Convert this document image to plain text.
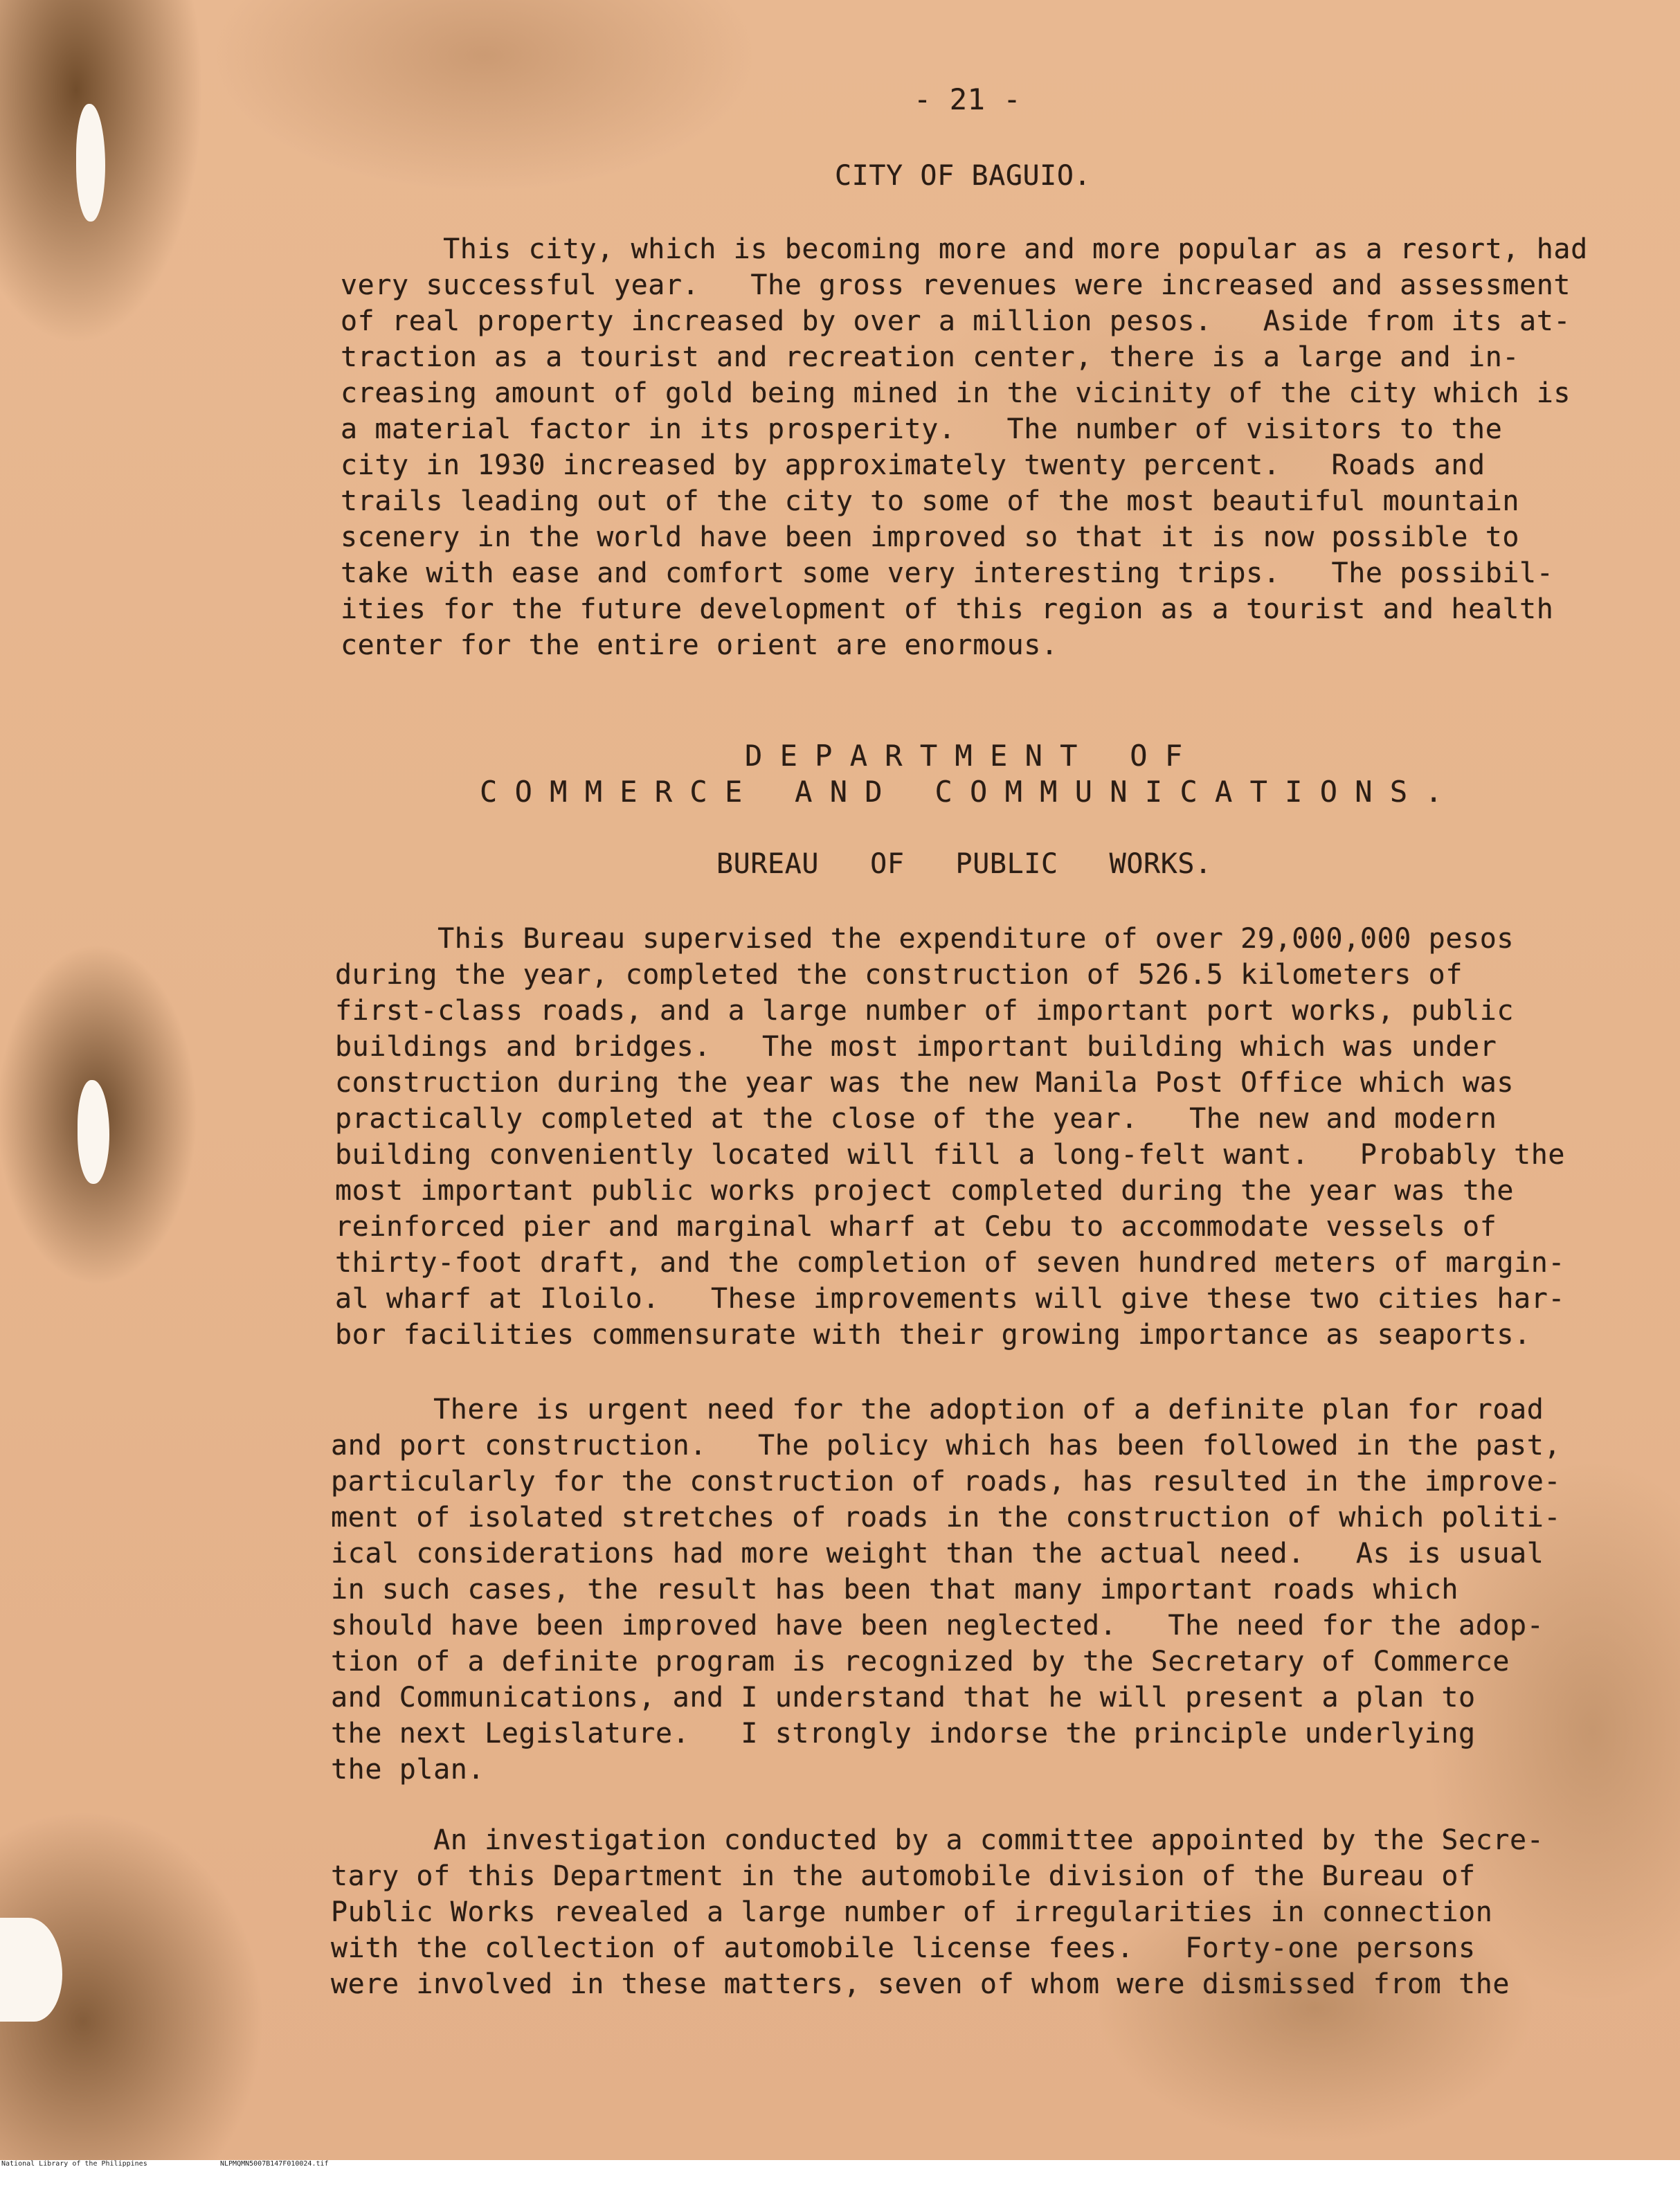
- 21 -
CITY OF BAGUIO.
This city, which is becoming more and more popular as a resort, had
very successful year.   The gross revenues were increased and assessment
of real property increased by over a million pesos.   Aside from its at-
traction as a tourist and recreation center, there is a large and in-
creasing amount of gold being mined in the vicinity of the city which is
a material factor in its prosperity.   The number of visitors to the
city in 1930 increased by approximately twenty percent.   Roads and
trails leading out of the city to some of the most beautiful mountain
scenery in the world have been improved so that it is now possible to
take with ease and comfort some very interesting trips.   The possibil-
ities for the future development of this region as a tourist and health
center for the entire orient are enormous.
D E P A R T M E N T   O F
C O M M E R C E   A N D   C O M M U N I C A T I O N S .
BUREAU   OF   PUBLIC   WORKS.
This Bureau supervised the expenditure of over 29,000,000 pesos
during the year, completed the construction of 526.5 kilometers of
first-class roads, and a large number of important port works, public
buildings and bridges.   The most important building which was under
construction during the year was the new Manila Post Office which was
practically completed at the close of the year.   The new and modern
building conveniently located will fill a long-felt want.   Probably the
most important public works project completed during the year was the
reinforced pier and marginal wharf at Cebu to accommodate vessels of
thirty-foot draft, and the completion of seven hundred meters of margin-
al wharf at Iloilo.   These improvements will give these two cities har-
bor facilities commensurate with their growing importance as seaports.
There is urgent need for the adoption of a definite plan for road
and port construction.   The policy which has been followed in the past,
particularly for the construction of roads, has resulted in the improve-
ment of isolated stretches of roads in the construction of which politi-
ical considerations had more weight than the actual need.   As is usual
in such cases, the result has been that many important roads which
should have been improved have been neglected.   The need for the adop-
tion of a definite program is recognized by the Secretary of Commerce
and Communications, and I understand that he will present a plan to
the next Legislature.   I strongly indorse the principle underlying
the plan.
An investigation conducted by a committee appointed by the Secre-
tary of this Department in the automobile division of the Bureau of
Public Works revealed a large number of irregularities in connection
with the collection of automobile license fees.   Forty-one persons
were involved in these matters, seven of whom were dismissed from the

National Library of the Philippines

	NLPMQMN5007B147F010024.tif
